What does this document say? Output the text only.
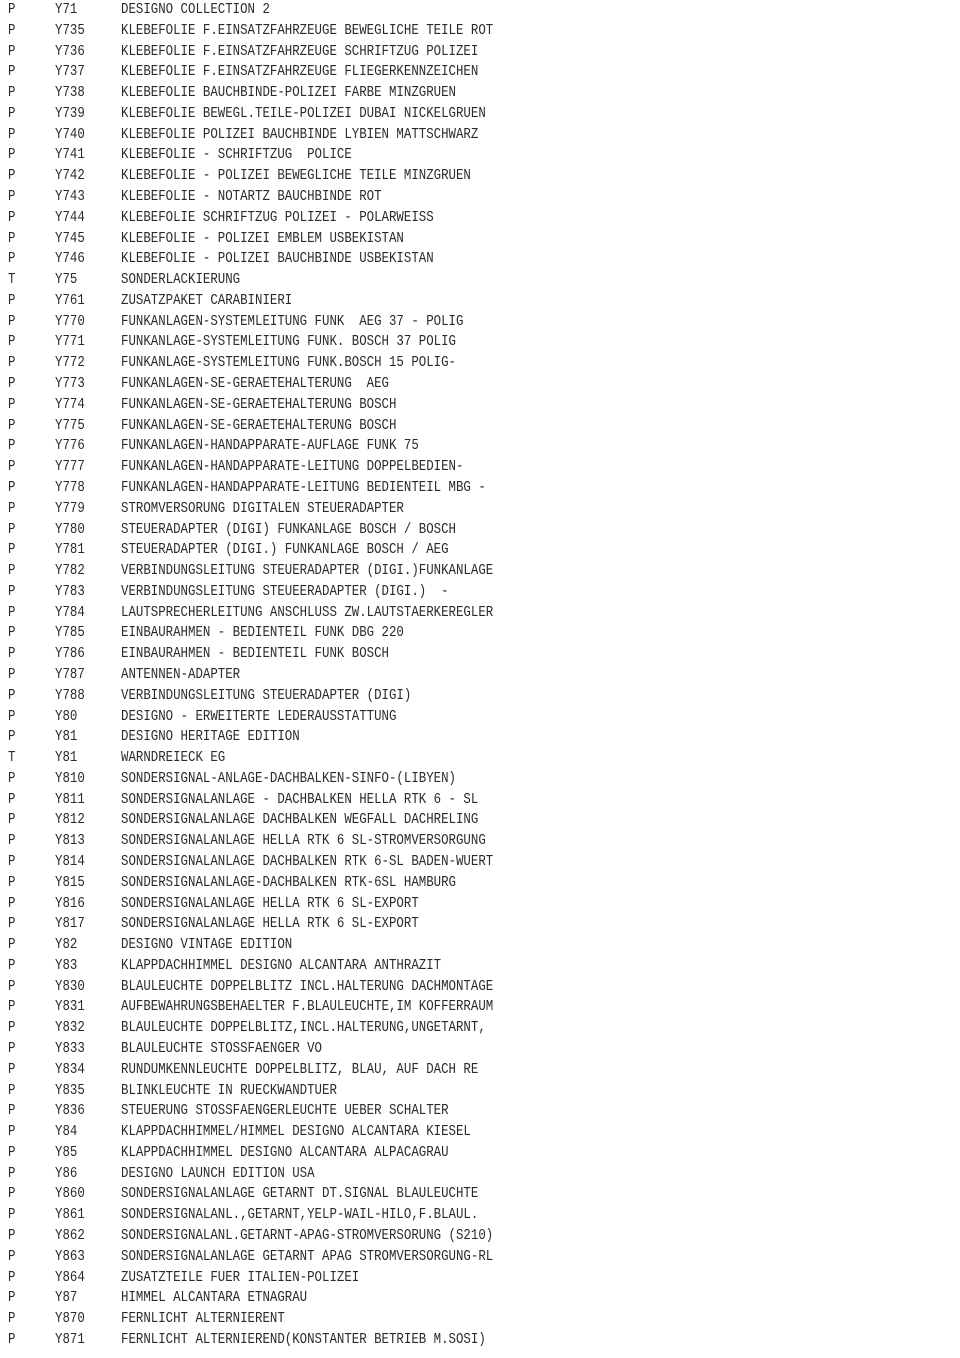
P	Y71	DESIGNO COLLECTION 2
P	Y735 KLEBEFOLIE F.EINSATZFAHRZEUGE BEWEGLICHE TEILE ROT
P	Y736 KLEBEFOLIE F.EINSATZFAHRZEUGE SCHRIFTZUG POLIZEI
P	Y737 KLEBEFOLIE F.EINSATZFAHRZEUGE FLIEGERKENNZEICHEN
P	Y738 KLEBEFOLIE BAUCHBINDE-POLIZEI FARBE MINZGRUEN
P	Y739 KLEBEFOLIE BEWEGL.TEILE-POLIZEI DUBAI NICKELGRUEN
P	Y740 KLEBEFOLIE POLIZEI BAUCHBINDE LYBIEN MATTSCHWARZ
P	Y741 KLEBEFOLIE - SCHRIFTZUG  POLICE
P	Y742 KLEBEFOLIE - POLIZEI BEWEGLICHE TEILE MINZGRUEN
P	Y743 KLEBEFOLIE - NOTARTZ BAUCHBINDE ROT
P	Y744 KLEBEFOLIE SCHRIFTZUG POLIZEI - POLARWEISS
P	Y745 KLEBEFOLIE - POLIZEI EMBLEM USBEKISTAN
P	Y746 KLEBEFOLIE - POLIZEI BAUCHBINDE USBEKISTAN
T	Y75	SONDERLACKIERUNG
P	Y761 ZUSATZPAKET CARABINIERI
P	Y770 FUNKANLAGEN-SYSTEMLEITUNG FUNK  AEG 37 - POLIG
P	Y771 FUNKANLAGE-SYSTEMLEITUNG FUNK. BOSCH 37 POLIG
P	Y772 FUNKANLAGE-SYSTEMLEITUNG FUNK.BOSCH 15 POLIG-
P	Y773 FUNKANLAGEN-SE-GERAETEHALTERUNG  AEG
P	Y774 FUNKANLAGEN-SE-GERAETEHALTERUNG BOSCH
P	Y775 FUNKANLAGEN-SE-GERAETEHALTERUNG BOSCH
P	Y776 FUNKANLAGEN-HANDAPPARATE-AUFLAGE FUNK 75
P	Y777 FUNKANLAGEN-HANDAPPARATE-LEITUNG DOPPELBEDIEN-
P	Y778 FUNKANLAGEN-HANDAPPARATE-LEITUNG BEDIENTEIL MBG -
P	Y779 STROMVERSORUNG DIGITALEN STEUERADAPTER
P	Y780 STEUERADAPTER (DIGI) FUNKANLAGE BOSCH / BOSCH
P	Y781 STEUERADAPTER (DIGI.) FUNKANLAGE BOSCH / AEG
P	Y782 VERBINDUNGSLEITUNG STEUERADAPTER (DIGI.)FUNKANLAGE
P	Y783 VERBINDUNGSLEITUNG STEUEERADAPTER (DIGI.)  -
P	Y784 LAUTSPRECHERLEITUNG ANSCHLUSS ZW.LAUTSTAERKEREGLER
P	Y785 EINBAURAHMEN - BEDIENTEIL FUNK DBG 220
P	Y786 EINBAURAHMEN - BEDIENTEIL FUNK BOSCH
P	Y787 ANTENNEN-ADAPTER
P	Y788 VERBINDUNGSLEITUNG STEUERADAPTER (DIGI)
P	Y80	DESIGNO - ERWEITERTE LEDERAUSSTATTUNG
P	Y81	DESIGNO HERITAGE EDITION
T	Y81	WARNDREIECK EG
P	Y810 SONDERSIGNAL-ANLAGE-DACHBALKEN-SINFO-(LIBYEN)
P	Y811 SONDERSIGNALANLAGE - DACHBALKEN HELLA RTK 6 - SL
P	Y812 SONDERSIGNALANLAGE DACHBALKEN WEGFALL DACHRELING
P	Y813 SONDERSIGNALANLAGE HELLA RTK 6 SL-STROMVERSORGUNG
P	Y814 SONDERSIGNALANLAGE DACHBALKEN RTK 6-SL BADEN-WUERT
P	Y815 SONDERSIGNALANLAGE-DACHBALKEN RTK-6SL HAMBURG
P	Y816 SONDERSIGNALANLAGE HELLA RTK 6 SL-EXPORT
P	Y817 SONDERSIGNALANLAGE HELLA RTK 6 SL-EXPORT
P	Y82	DESIGNO VINTAGE EDITION
P	Y83	KLAPPDACHHIMMEL DESIGNO ALCANTARA ANTHRAZIT
P	Y830 BLAULEUCHTE DOPPELBLITZ INCL.HALTERUNG DACHMONTAGE
P	Y831 AUFBEWAHRUNGSBEHAELTER F.BLAULEUCHTE,IM KOFFERRAUM
P	Y832 BLAULEUCHTE DOPPELBLITZ,INCL.HALTERUNG,UNGETARNT,
P	Y833 BLAULEUCHTE STOSSFAENGER VO
P	Y834 RUNDUMKENNLEUCHTE DOPPELBLITZ, BLAU, AUF DACH RE
P	Y835 BLINKLEUCHTE IN RUECKWANDTUER
P	Y836 STEUERUNG STOSSFAENGERLEUCHTE UEBER SCHALTER
P	Y84	KLAPPDACHHIMMEL/HIMMEL DESIGNO ALCANTARA KIESEL
P	Y85	KLAPPDACHHIMMEL DESIGNO ALCANTARA ALPACAGRAU
P	Y86	DESIGNO LAUNCH EDITION USA
P	Y860 SONDERSIGNALANLAGE GETARNT DT.SIGNAL BLAULEUCHTE
P	Y861 SONDERSIGNALANL.,GETARNT,YELP-WAIL-HILO,F.BLAUL.
P	Y862 SONDERSIGNALANL.GETARNT-APAG-STROMVERSORUNG (S210)
P	Y863 SONDERSIGNALANLAGE GETARNT APAG STROMVERSORGUNG-RL
P	Y864 ZUSATZTEILE FUER ITALIEN-POLIZEI
P	Y87	HIMMEL ALCANTARA ETNAGRAU
P	Y870 FERNLICHT ALTERNIERENT
P	Y871 FERNLICHT ALTERNIEREND(KONSTANTER BETRIEB M.SOSI)
